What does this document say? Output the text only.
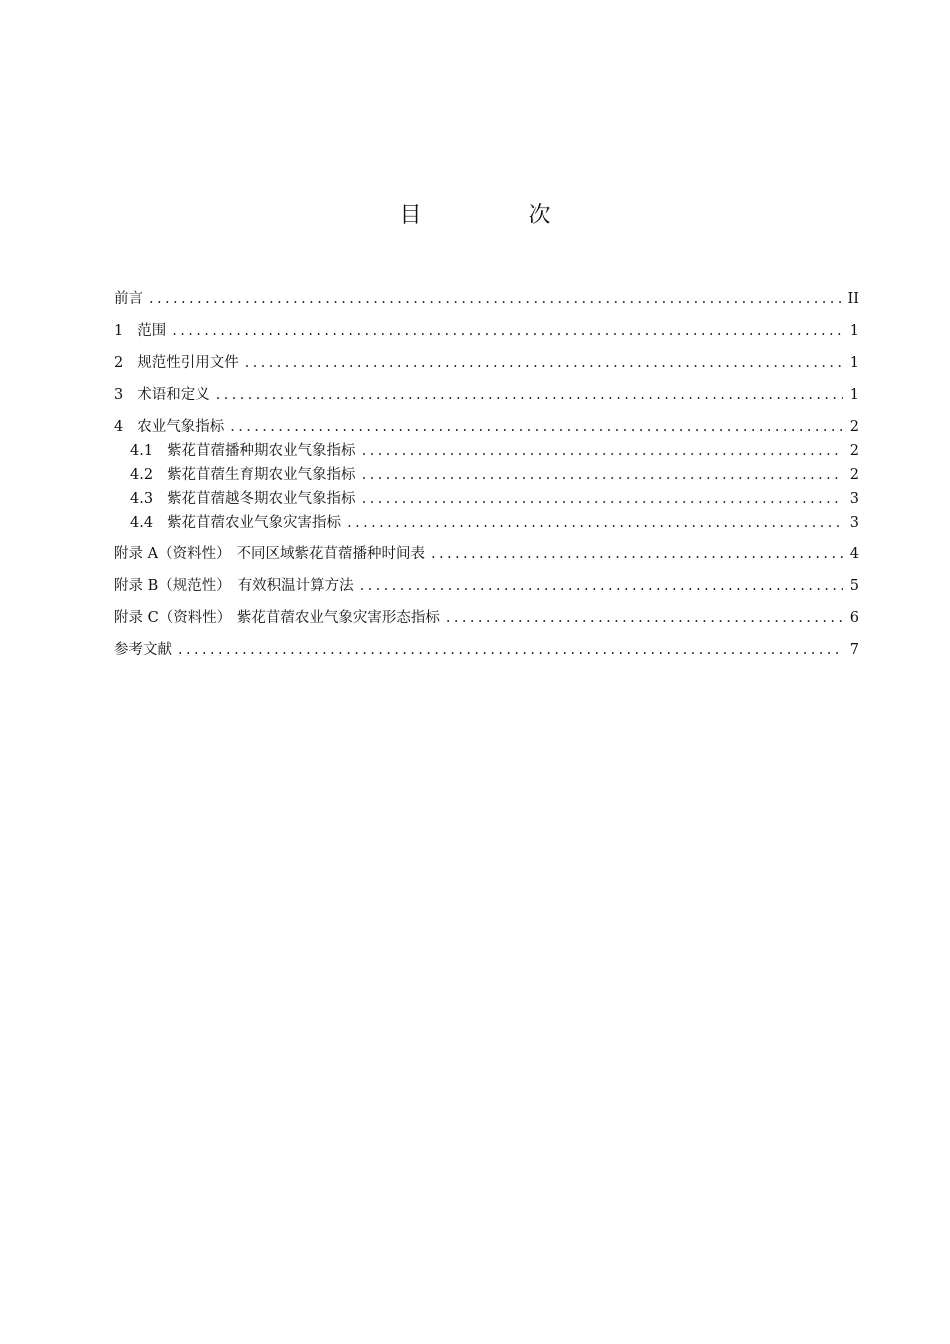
目 次
前言 .....	II
1 范围 .....	1
2 规范性引用文件 .....	1
3 术语和定义 .....	1
4 农业气象指标 .....	2
4.1 紫花苜蓿播种期农业气象指标 .....	2
4.2 紫花苜蓿生育期农业气象指标 .....	2
4.3 紫花苜蓿越冬期农业气象指标 .....	3
4.4 紫花苜蓿农业气象灾害指标 .....	3
附录 A（资料性） 不同区域紫花苜蓿播种时间表 .....	4
附录 B（规范性） 有效积温计算方法 .....	5
附录 C（资料性） 紫花苜蓿农业气象灾害形态指标 .....	6
参考文献 .....	7
